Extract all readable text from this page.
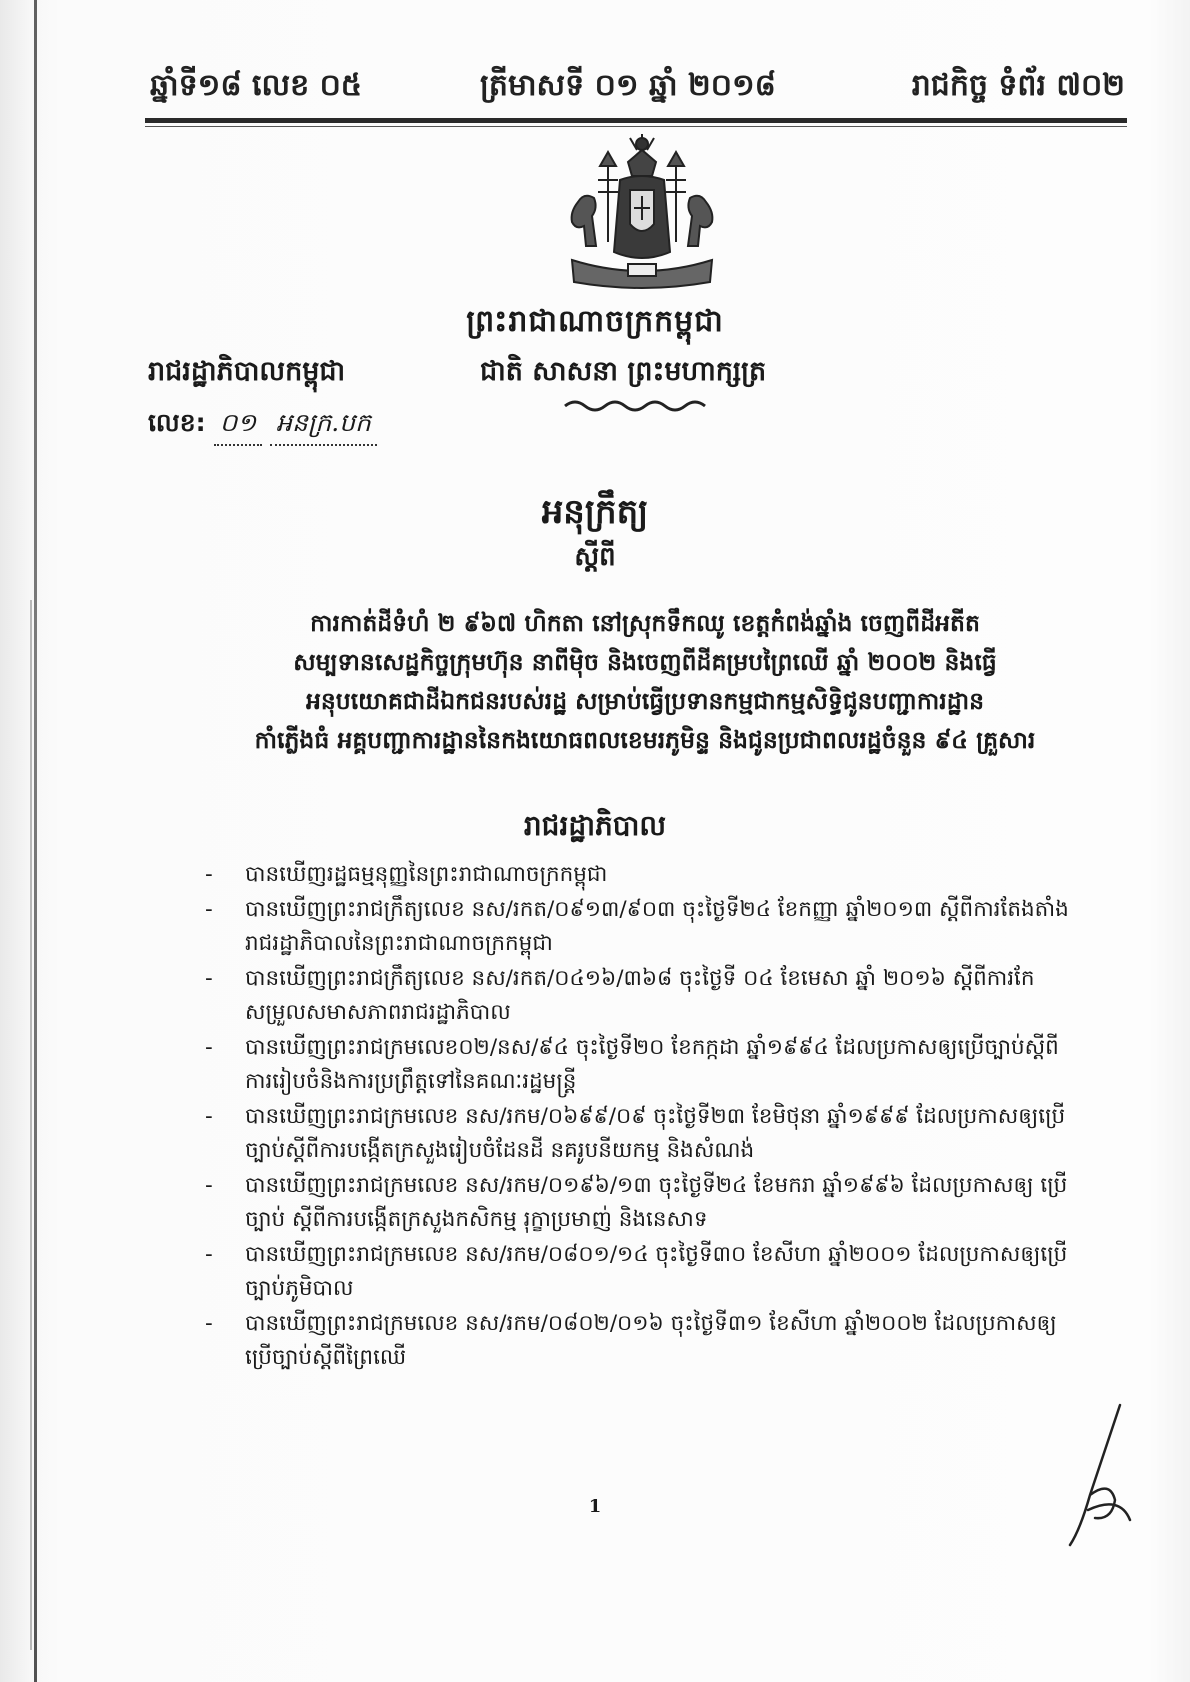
ឆ្នាំទី១៨ លេខ ០៥	ត្រីមាសទី ០១ ឆ្នាំ ២០១៨	រាជកិច្ច ទំព័រ ៧០២
ព្រះរាជាណាចក្រកម្ពុជា
រាជរដ្ឋាភិបាលកម្ពុជា	ជាតិ សាសនា ព្រះមហាក្សត្រ
លេខ: ០១ អនក្រ.បក
អនុក្រឹត្យ
ស្តីពី
ការកាត់ដីទំហំ ២ ៩៦៧ ហិកតា នៅស្រុកទឹកឈូ ខេត្តកំពង់ឆ្នាំង ចេញពីដីអតីត
សម្បទានសេដ្ឋកិច្ចក្រុមហ៊ុន នាពីម៉ិច និងចេញពីដីគម្របព្រៃឈើ ឆ្នាំ ២០០២ និងធ្វើ
អនុបយោគជាដីឯកជនរបស់រដ្ឋ សម្រាប់ធ្វើប្រទានកម្មជាកម្មសិទ្ធិជូនបញ្ជាការដ្ឋាន
កាំភ្លើងធំ អគ្គបញ្ជាការដ្ឋាននៃកងយោធពលខេមរភូមិន្ទ និងជូនប្រជាពលរដ្ឋចំនួន ៩៤ គ្រួសារ
រាជរដ្ឋាភិបាល
- បានឃើញរដ្ឋធម្មនុញ្ញនៃព្រះរាជាណាចក្រកម្ពុជា
- បានឃើញព្រះរាជក្រឹត្យលេខ នស/រកត/០៩១៣/៩០៣ ចុះថ្ងៃទី២៤ ខែកញ្ញា ឆ្នាំ២០១៣ ស្តីពីការតែងតាំង
រាជរដ្ឋាភិបាលនៃព្រះរាជាណាចក្រកម្ពុជា
- បានឃើញព្រះរាជក្រឹត្យលេខ នស/រកត/០៤១៦/៣៦៨ ចុះថ្ងៃទី ០៤ ខែមេសា ឆ្នាំ ២០១៦ ស្តីពីការកែ
សម្រួលសមាសភាពរាជរដ្ឋាភិបាល
- បានឃើញព្រះរាជក្រមលេខ០២/នស/៩៤ ចុះថ្ងៃទី២០ ខែកក្កដា ឆ្នាំ១៩៩៤ ដែលប្រកាសឲ្យប្រើច្បាប់ស្តីពី
ការរៀបចំនិងការប្រព្រឹត្តទៅនៃគណៈរដ្ឋមន្ត្រី
- បានឃើញព្រះរាជក្រមលេខ នស/រកម/០៦៩៩/០៩ ចុះថ្ងៃទី២៣ ខែមិថុនា ឆ្នាំ១៩៩៩ ដែលប្រកាសឲ្យប្រើ
ច្បាប់ស្តីពីការបង្កើតក្រសួងរៀបចំដែនដី នគរូបនីយកម្ម និងសំណង់
- បានឃើញព្រះរាជក្រមលេខ នស/រកម/០១៩៦/១៣ ចុះថ្ងៃទី២៤ ខែមករា ឆ្នាំ១៩៩៦ ដែលប្រកាសឲ្យ ប្រើ
ច្បាប់ ស្តីពីការបង្កើតក្រសួងកសិកម្ម រុក្ខាប្រមាញ់ និងនេសាទ
- បានឃើញព្រះរាជក្រមលេខ នស/រកម/០៨០១/១៤ ចុះថ្ងៃទី៣០ ខែសីហា ឆ្នាំ២០០១ ដែលប្រកាសឲ្យប្រើ
ច្បាប់ភូមិបាល
- បានឃើញព្រះរាជក្រមលេខ នស/រកម/០៨០២/០១៦ ចុះថ្ងៃទី៣១ ខែសីហា ឆ្នាំ២០០២ ដែលប្រកាសឲ្យ
ប្រើច្បាប់ស្តីពីព្រៃឈើ
1
